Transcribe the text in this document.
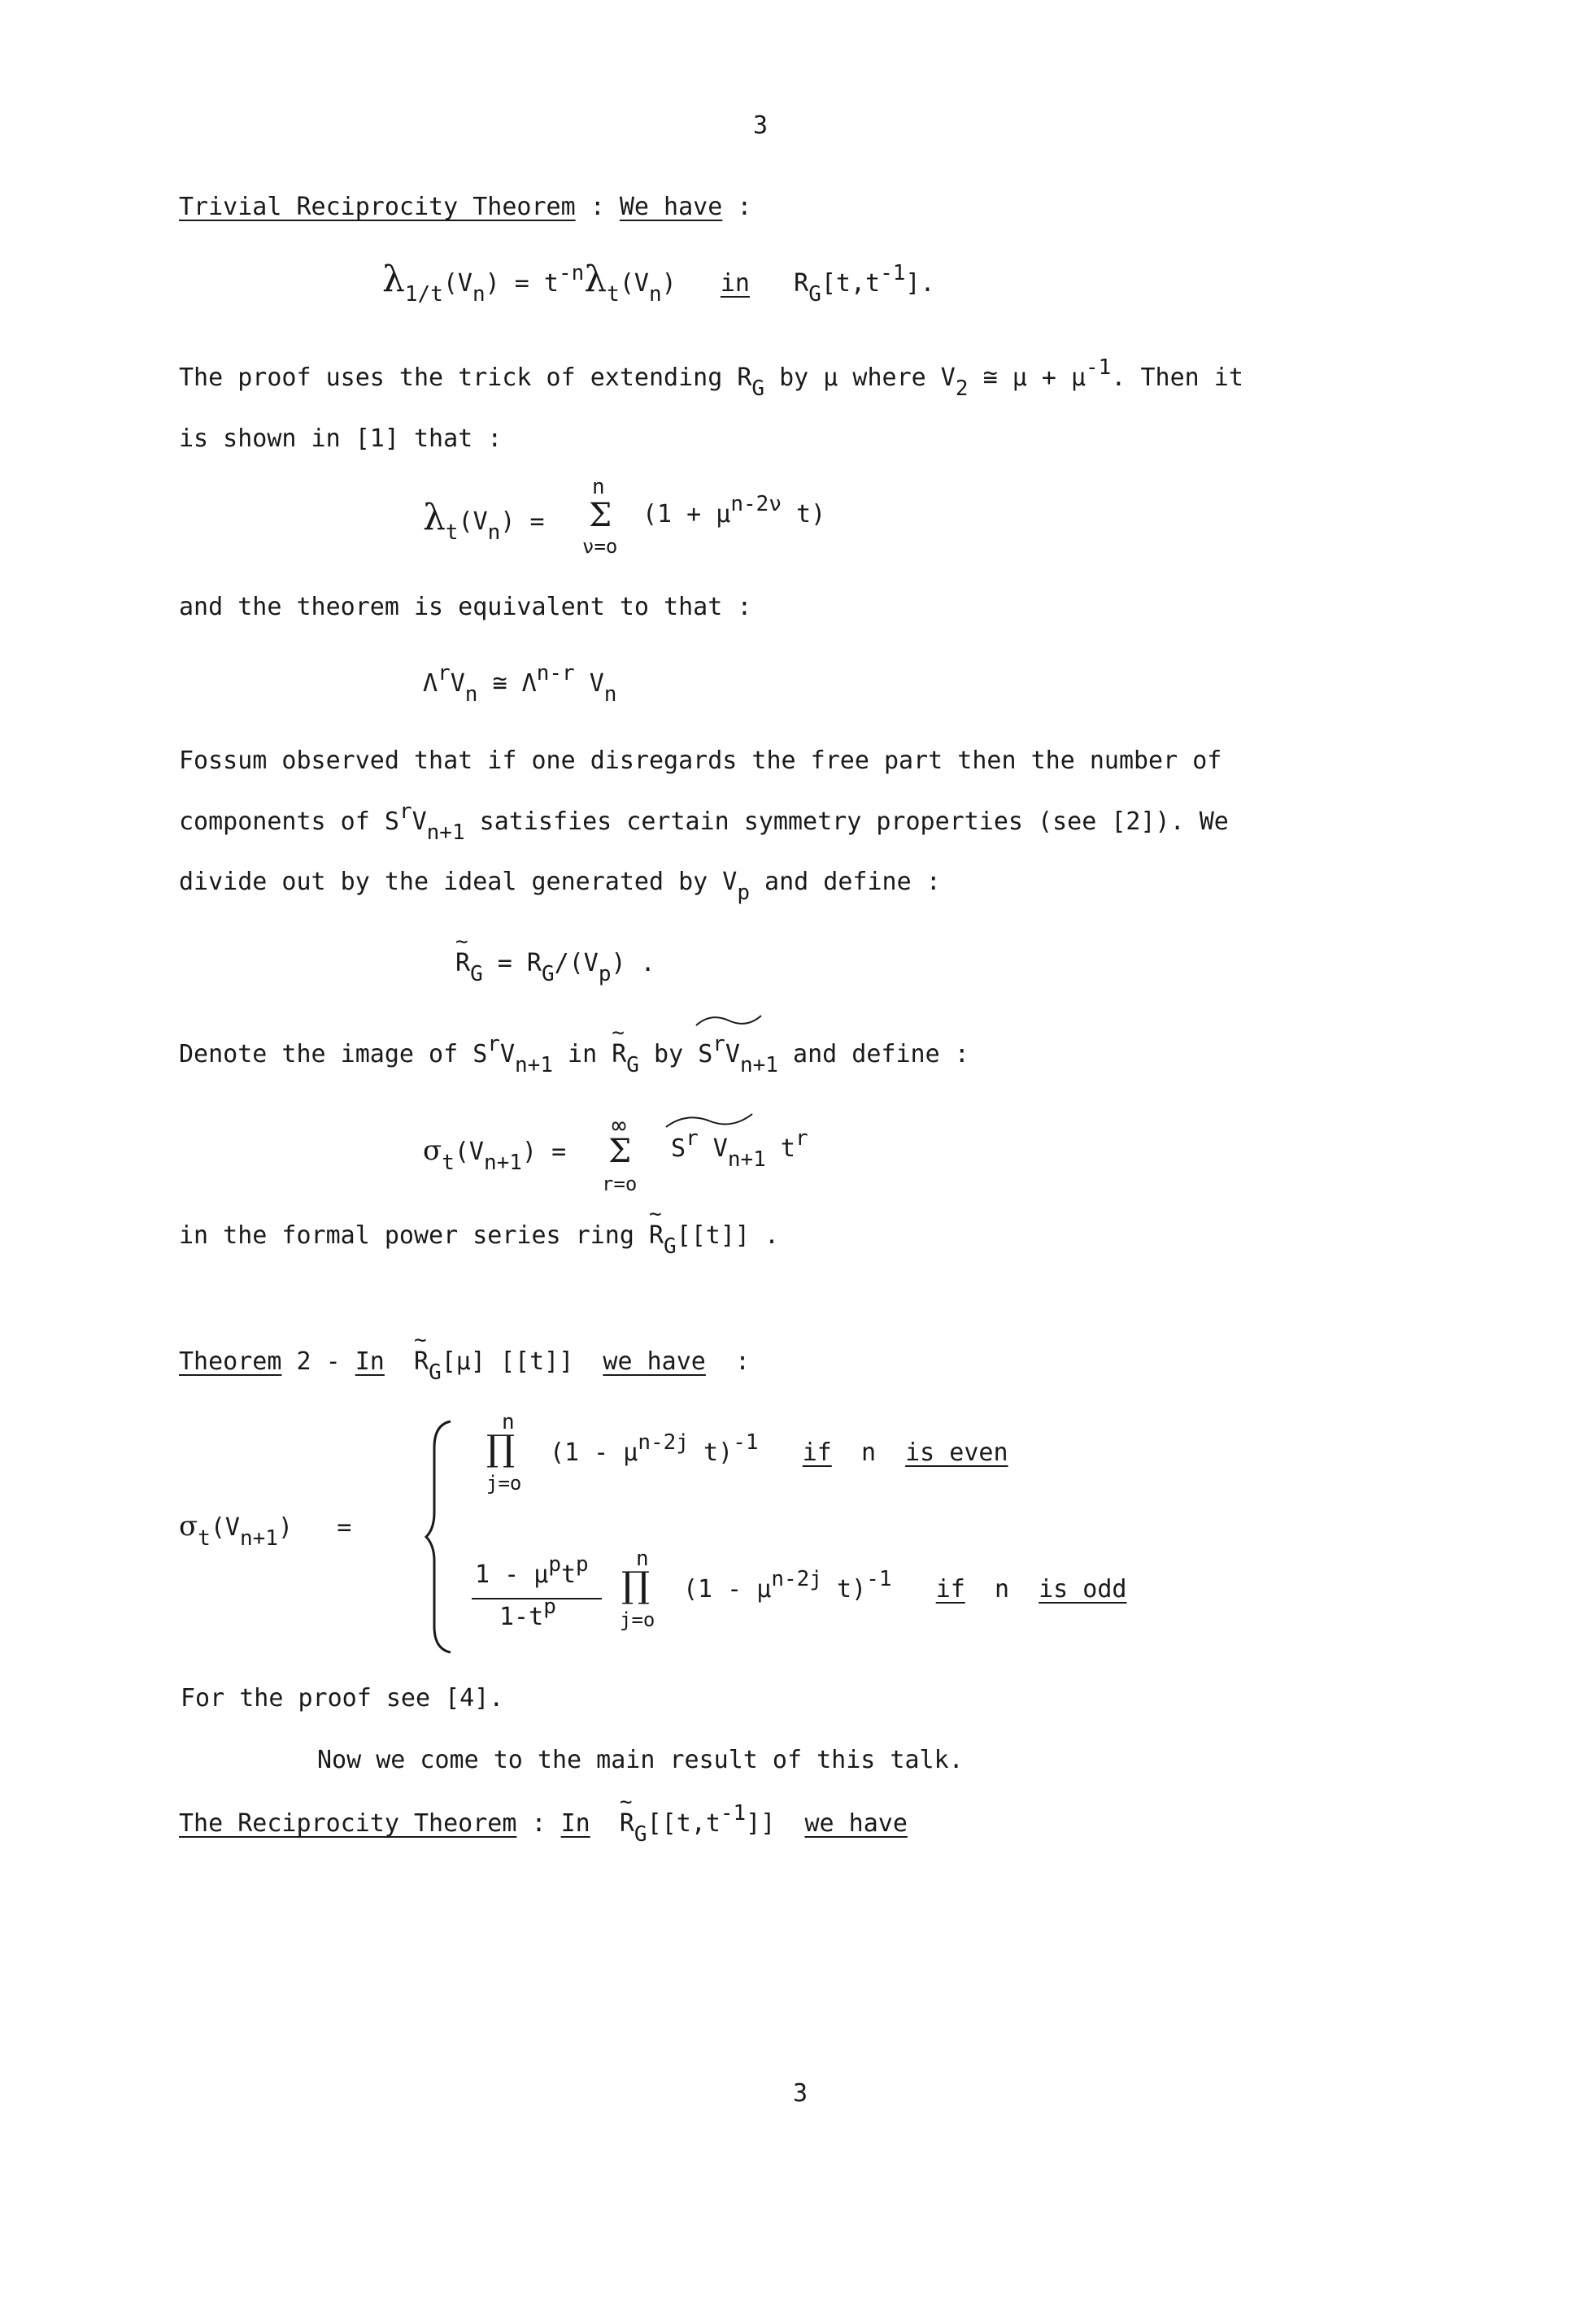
3
Trivial Reciprocity Theorem : We have :
λ1/t(Vn) = t-nλt(Vn) in RG[t,t-1].
The proof uses the trick of extending RG by µ where V2 ≅ µ + µ-1. Then it
is shown in [1] that :
λt(Vn) =
n
Σ
ν=o
(1 + µn-2ν t)
and the theorem is equivalent to that :
ΛrVn ≅ Λn-r Vn
Fossum observed that if one disregards the free part then the number of
components of SrVn+1 satisfies certain symmetry properties (see [2]). We
divide out by the ideal generated by Vp and define :
~
RG = RG/(Vp) .
Denote the image of SrVn+1 in
~
RG by
SrVn+1 and define :
σt(Vn+1) =
∞
Σ
r=o
Sr Vn+1 tr
in the formal power series ring
~
RG[[t]] .
Theorem 2 - In
~
RG[µ] [[t]] we have :
σt(Vn+1) =
n
∏
j=o
(1 - µn-2j t)-1 if n is even
1 - µptp
1-tp
n
∏
j=o
(1 - µn-2j t)-1 if n is odd
For the proof see [4].
Now we come to the main result of this talk.
The Reciprocity Theorem : In
~
RG[[t,t-1]] we have
3
